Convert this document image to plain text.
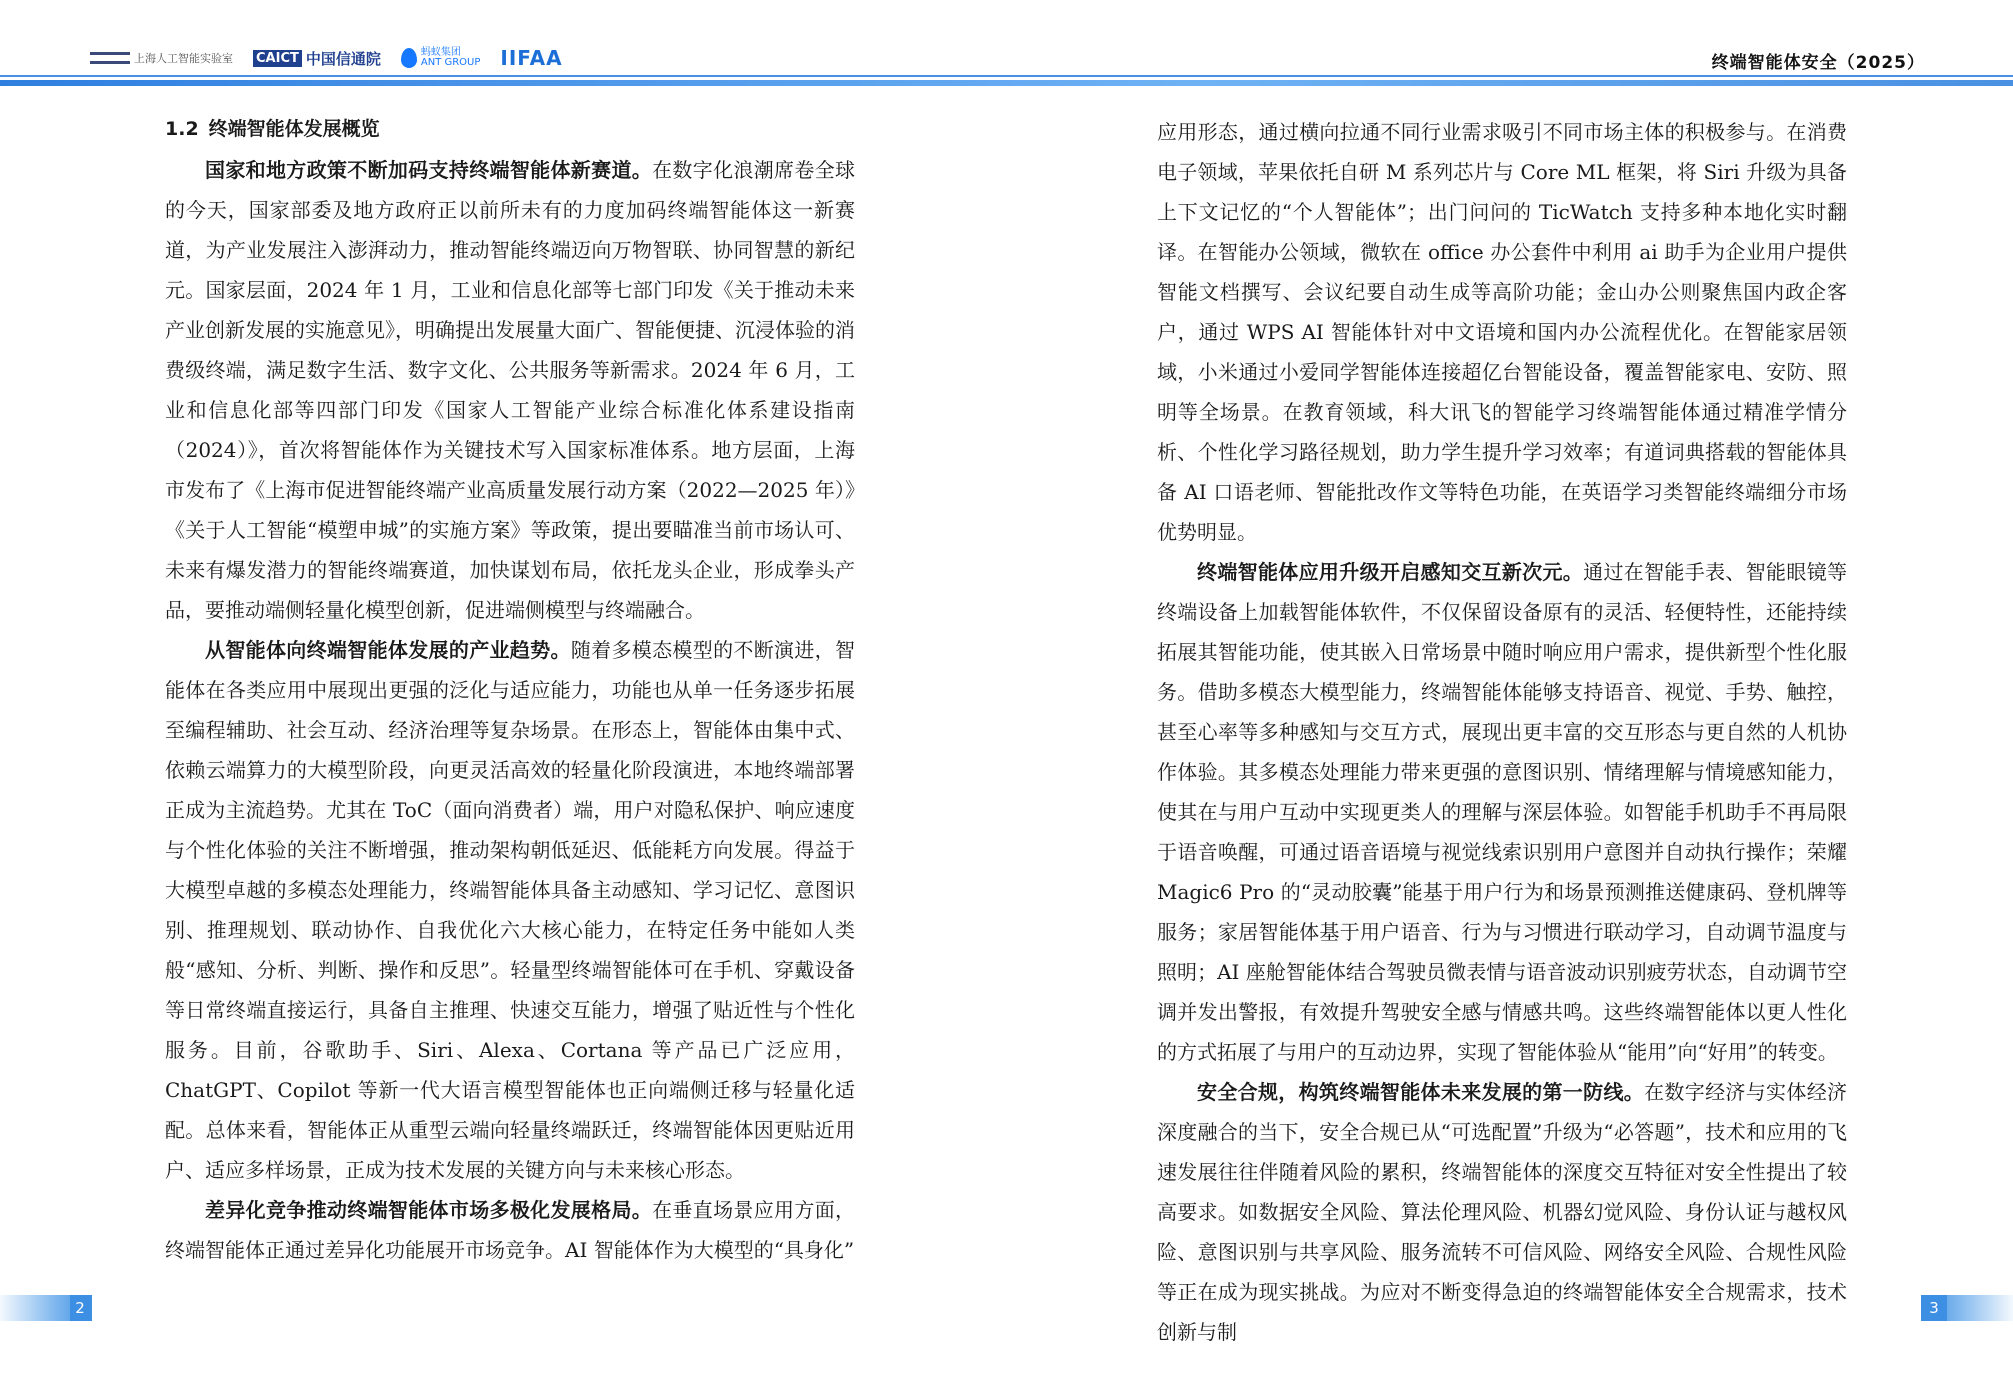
上海人工智能实验室 CAICT 中国信通院	蚂蚁集团
ANT GROUP IIFAA	终端智能体安全（2025）
1.2 终端智能体发展概览

国家和地方政策不断加码支持终端智能体新赛道。在数字化浪潮席卷全球的今天，国家部委及地方政府正以前所未有的力度加码终端智能体这一新赛道，为产业发展注入澎湃动力，推动智能终端迈向万物智联、协同智慧的新纪元。国家层面，2024 年 1 月，工业和信息化部等七部门印发《关于推动未来产业创新发展的实施意见》，明确提出发展量大面广、智能便捷、沉浸体验的消费级终端，满足数字生活、数字文化、公共服务等新需求。2024 年 6 月，工业和信息化部等四部门印发《国家人工智能产业综合标准化体系建设指南（2024）》，首次将智能体作为关键技术写入国家标准体系。地方层面，上海市发布了《上海市促进智能终端产业高质量发展行动方案（2022—2025 年）》《关于人工智能“模塑申城”的实施方案》等政策，提出要瞄准当前市场认可、未来有爆发潜力的智能终端赛道，加快谋划布局，依托龙头企业，形成拳头产品，要推动端侧轻量化模型创新，促进端侧模型与终端融合。

从智能体向终端智能体发展的产业趋势。随着多模态模型的不断演进，智能体在各类应用中展现出更强的泛化与适应能力，功能也从单一任务逐步拓展至编程辅助、社会互动、经济治理等复杂场景。在形态上，智能体由集中式、依赖云端算力的大模型阶段，向更灵活高效的轻量化阶段演进，本地终端部署正成为主流趋势。尤其在 ToC（面向消费者）端，用户对隐私保护、响应速度与个性化体验的关注不断增强，推动架构朝低延迟、低能耗方向发展。得益于大模型卓越的多模态处理能力，终端智能体具备主动感知、学习记忆、意图识别、推理规划、联动协作、自我优化六大核心能力，在特定任务中能如人类般“感知、分析、判断、操作和反思”。轻量型终端智能体可在手机、穿戴设备等日常终端直接运行，具备自主推理、快速交互能力，增强了贴近性与个性化服务。目前，谷歌助手、Siri、Alexa、Cortana 等产品已广泛应用，ChatGPT、Copilot 等新一代大语言模型智能体也正向端侧迁移与轻量化适配。总体来看，智能体正从重型云端向轻量终端跃迁，终端智能体因更贴近用户、适应多样场景，正成为技术发展的关键方向与未来核心形态。

差异化竞争推动终端智能体市场多极化发展格局。在垂直场景应用方面，终端智能体正通过差异化功能展开市场竞争。AI 智能体作为大模型的“具身化”

应用形态，通过横向拉通不同行业需求吸引不同市场主体的积极参与。在消费电子领域，苹果依托自研 M 系列芯片与 Core ML 框架，将 Siri 升级为具备上下文记忆的“个人智能体”；出门问问的 TicWatch 支持多种本地化实时翻译。在智能办公领域，微软在 office 办公套件中利用 ai 助手为企业用户提供智能文档撰写、会议纪要自动生成等高阶功能；金山办公则聚焦国内政企客户，通过 WPS AI 智能体针对中文语境和国内办公流程优化。在智能家居领域，小米通过小爱同学智能体连接超亿台智能设备，覆盖智能家电、安防、照明等全场景。在教育领域，科大讯飞的智能学习终端智能体通过精准学情分析、个性化学习路径规划，助力学生提升学习效率；有道词典搭载的智能体具备 AI 口语老师、智能批改作文等特色功能，在英语学习类智能终端细分市场优势明显。

终端智能体应用升级开启感知交互新次元。通过在智能手表、智能眼镜等终端设备上加载智能体软件，不仅保留设备原有的灵活、轻便特性，还能持续拓展其智能功能，使其嵌入日常场景中随时响应用户需求，提供新型个性化服务。借助多模态大模型能力，终端智能体能够支持语音、视觉、手势、触控，甚至心率等多种感知与交互方式，展现出更丰富的交互形态与更自然的人机协作体验。其多模态处理能力带来更强的意图识别、情绪理解与情境感知能力，使其在与用户互动中实现更类人的理解与深层体验。如智能手机助手不再局限于语音唤醒，可通过语音语境与视觉线索识别用户意图并自动执行操作；荣耀 Magic6 Pro 的“灵动胶囊”能基于用户行为和场景预测推送健康码、登机牌等服务；家居智能体基于用户语音、行为与习惯进行联动学习，自动调节温度与照明；AI 座舱智能体结合驾驶员微表情与语音波动识别疲劳状态，自动调节空调并发出警报，有效提升驾驶安全感与情感共鸣。这些终端智能体以更人性化的方式拓展了与用户的互动边界，实现了智能体验从“能用”向“好用”的转变。

安全合规，构筑终端智能体未来发展的第一防线。在数字经济与实体经济深度融合的当下，安全合规已从“可选配置”升级为“必答题”，技术和应用的飞速发展往往伴随着风险的累积，终端智能体的深度交互特征对安全性提出了较高要求。如数据安全风险、算法伦理风险、机器幻觉风险、身份认证与越权风险、意图识别与共享风险、服务流转不可信风险、网络安全风险、合规性风险等正在成为现实挑战。为应对不断变得急迫的终端智能体安全合规需求，技术创新与制

2	3
